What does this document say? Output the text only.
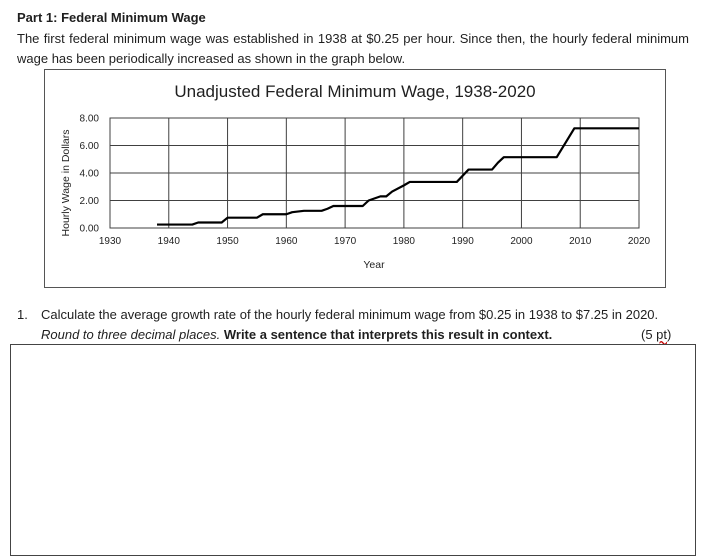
Part 1: Federal Minimum Wage
The first federal minimum wage was established in 1938 at $0.25 per hour. Since then, the hourly federal minimum wage has been periodically increased as shown in the graph below.
Unadjusted Federal Minimum Wage, 1938-2020
Hourly Wage in Dollars
Year
1930	1940	1950	1960	1970	1980	1990	2000	2010	2020
0.00
2.00
4.00
6.00
8.00
1. Calculate the average growth rate of the hourly federal minimum wage from $0.25 in 1938 to $7.25 in 2020.
Round to three decimal places. Write a sentence that interprets this result in context.	(5 pt)
